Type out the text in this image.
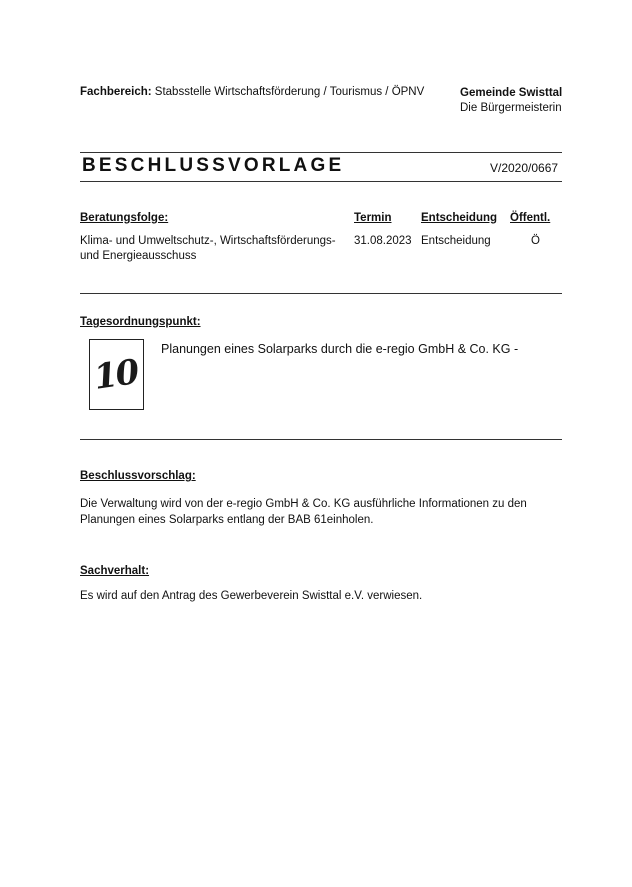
Fachbereich: Stabsstelle Wirtschaftsförderung / Tourismus / ÖPNV	Gemeinde Swisttal
Die Bürgermeisterin
BESCHLUSSVORLAGE	V/2020/0667
Beratungsfolge:	Termin	Entscheidung Öffentl.
Klima- und Umweltschutz-, Wirtschaftsförderungs-
und Energieausschuss
31.08.2023 Entscheidung	Ö
Tagesordnungspunkt:
10
Planungen eines Solarparks durch die e-regio GmbH & Co. KG -
Beschlussvorschlag:
Die Verwaltung wird von der e-regio GmbH & Co. KG ausführliche Informationen zu den Planungen eines Solarparks entlang der BAB 61einholen.
Sachverhalt:
Es wird auf den Antrag des Gewerbeverein Swisttal e.V. verwiesen.
